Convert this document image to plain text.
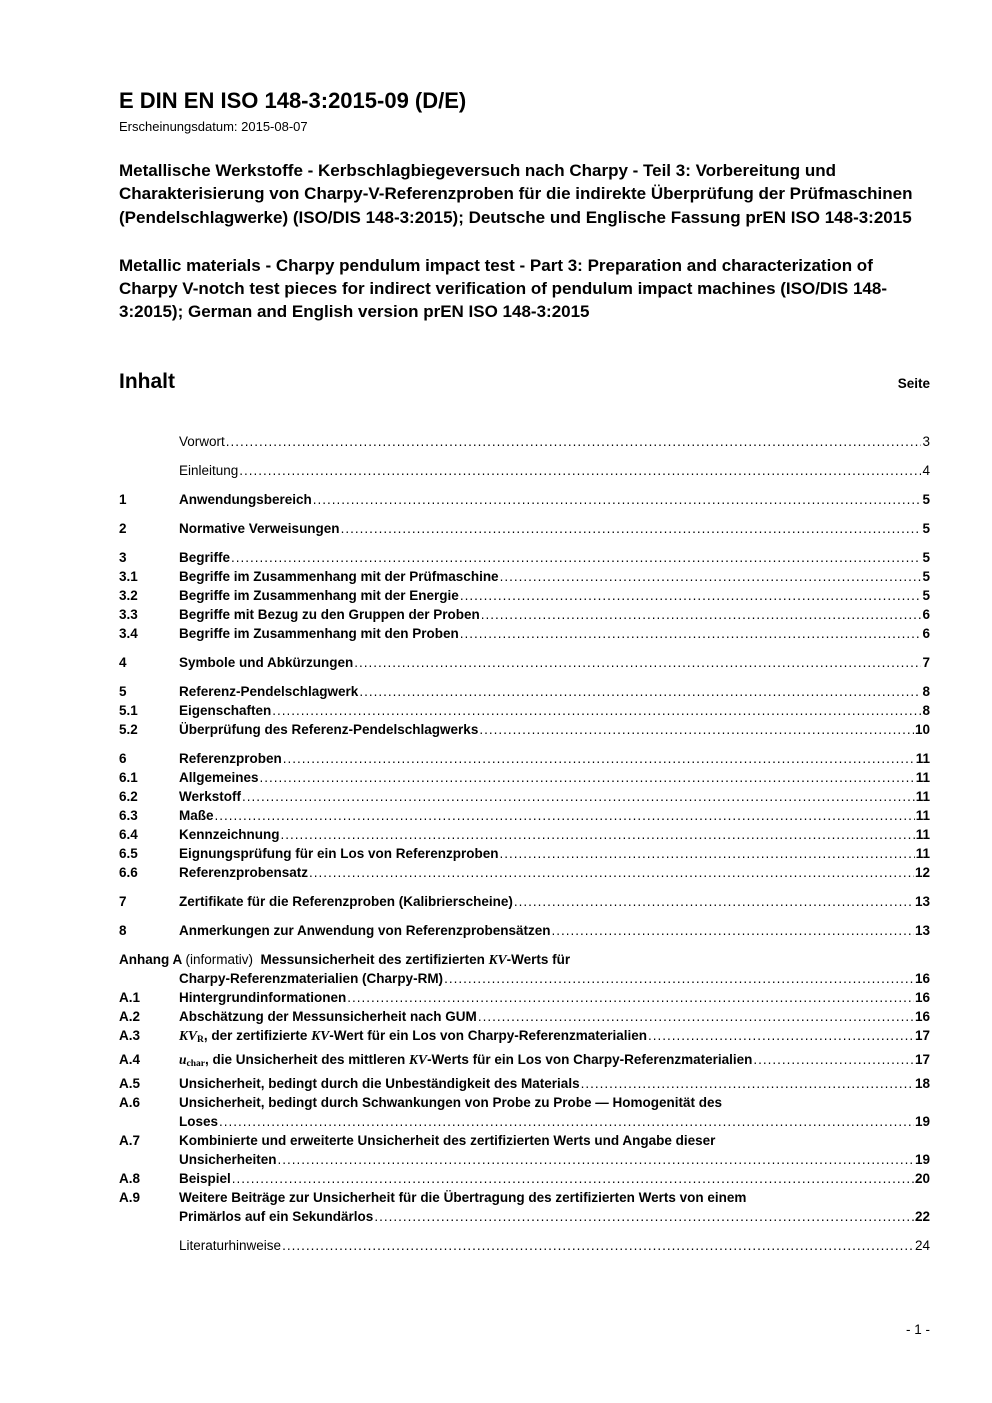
E DIN EN ISO 148-3:2015-09 (D/E)
Erscheinungsdatum: 2015-08-07

Metallische Werkstoffe - Kerbschlagbiegeversuch nach Charpy - Teil 3: Vorbereitung und Charakterisierung von Charpy-V-Referenzproben für die indirekte Überprüfung der Prüfmaschinen (Pendelschlagwerke) (ISO/DIS 148-3:2015); Deutsche und Englische Fassung prEN ISO 148-3:2015

Metallic materials - Charpy pendulum impact test - Part 3: Preparation and characterization of Charpy V-notch test pieces for indirect verification of pendulum impact machines (ISO/DIS 148-3:2015); German and English version prEN ISO 148-3:2015

Inhalt	Seite
Vorwort .....	3
Einleitung .....	4
1	Anwendungsbereich .....	5
2	Normative Verweisungen .....	5
3	Begriffe .....	5
3.1	Begriffe im Zusammenhang mit der Prüfmaschine .....	5
3.2	Begriffe im Zusammenhang mit der Energie .....	5
3.3	Begriffe mit Bezug zu den Gruppen der Proben .....	6
3.4	Begriffe im Zusammenhang mit den Proben .....	6
4	Symbole und Abkürzungen .....	7
5	Referenz-Pendelschlagwerk .....	8
5.1	Eigenschaften .....	8
5.2	Überprüfung des Referenz-Pendelschlagwerks .....	10
6	Referenzproben .....	11
6.1	Allgemeines .....	11
6.2	Werkstoff .....	11
6.3	Maße .....	11
6.4	Kennzeichnung .....	11
6.5	Eignungsprüfung für ein Los von Referenzproben .....	11
6.6	Referenzprobensatz .....	12
7	Zertifikate für die Referenzproben (Kalibrierscheine) .....	13
8	Anmerkungen zur Anwendung von Referenzprobensätzen .....	13
Anhang A (informativ)  Messunsicherheit des zertifizierten KV-Werts für
Charpy-Referenzmaterialien (Charpy-RM) .....	16
A.1	Hintergrundinformationen .....	16
A.2	Abschätzung der Messunsicherheit nach GUM .....	16
A.3	KVR, der zertifizierte KV-Wert für ein Los von Charpy-Referenzmaterialien .....	17
A.4	uchar, die Unsicherheit des mittleren KV-Werts für ein Los von Charpy-Referenzmaterialien .....	17
A.5	Unsicherheit, bedingt durch die Unbeständigkeit des Materials .....	18
A.6	Unsicherheit, bedingt durch Schwankungen von Probe zu Probe — Homogenität des
Loses .....	19
A.7	Kombinierte und erweiterte Unsicherheit des zertifizierten Werts und Angabe dieser
Unsicherheiten .....	19
A.8	Beispiel .....	20
A.9	Weitere Beiträge zur Unsicherheit für die Übertragung des zertifizierten Werts von einem
Primärlos auf ein Sekundärlos .....	22
Literaturhinweise .....	24
- 1 -
